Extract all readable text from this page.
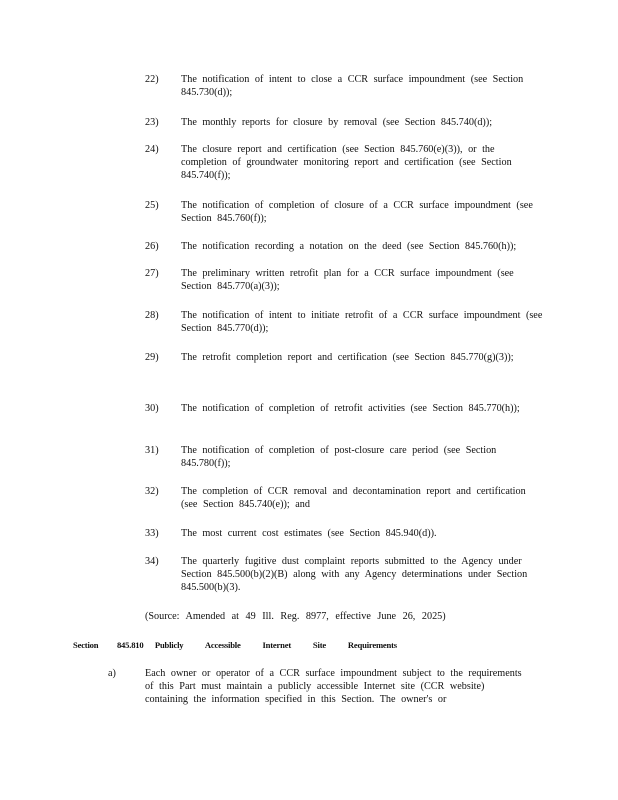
22)	The notification of intent to close a CCR surface impoundment (see Section 845.730(d));
23)	The monthly reports for closure by removal (see Section 845.740(d));
24)	The closure report and certification (see Section 845.760(e)(3)), or the completion of groundwater monitoring report and certification (see Section 845.740(f));
25)	The notification of completion of closure of a CCR surface impoundment (see Section 845.760(f));
26)	The notification recording a notation on the deed (see Section 845.760(h));
27)	The preliminary written retrofit plan for a CCR surface impoundment (see Section 845.770(a)(3));
28)	The notification of intent to initiate retrofit of a CCR surface impoundment (see Section 845.770(d));
29)	The retrofit completion report and certification (see Section 845.770(g)(3));
30)	The notification of completion of retrofit activities (see Section 845.770(h));
31)	The notification of completion of post-closure care period (see Section 845.780(f));
32)	The completion of CCR removal and decontamination report and certification (see Section 845.740(e)); and
33)	The most current cost estimates (see Section 845.940(d)).
34)	The quarterly fugitive dust complaint reports submitted to the Agency under Section 845.500(b)(2)(B) along with any Agency determinations under Section 845.500(b)(3).
(Source: Amended at 49 Ill. Reg. 8977, effective June 26, 2025)
Section 845.810 Publicly Accessible Internet Site Requirements
a)	Each owner or operator of a CCR surface impoundment subject to the requirements of this Part must maintain a publicly accessible Internet site (CCR website) containing the information specified in this Section. The owner's or
